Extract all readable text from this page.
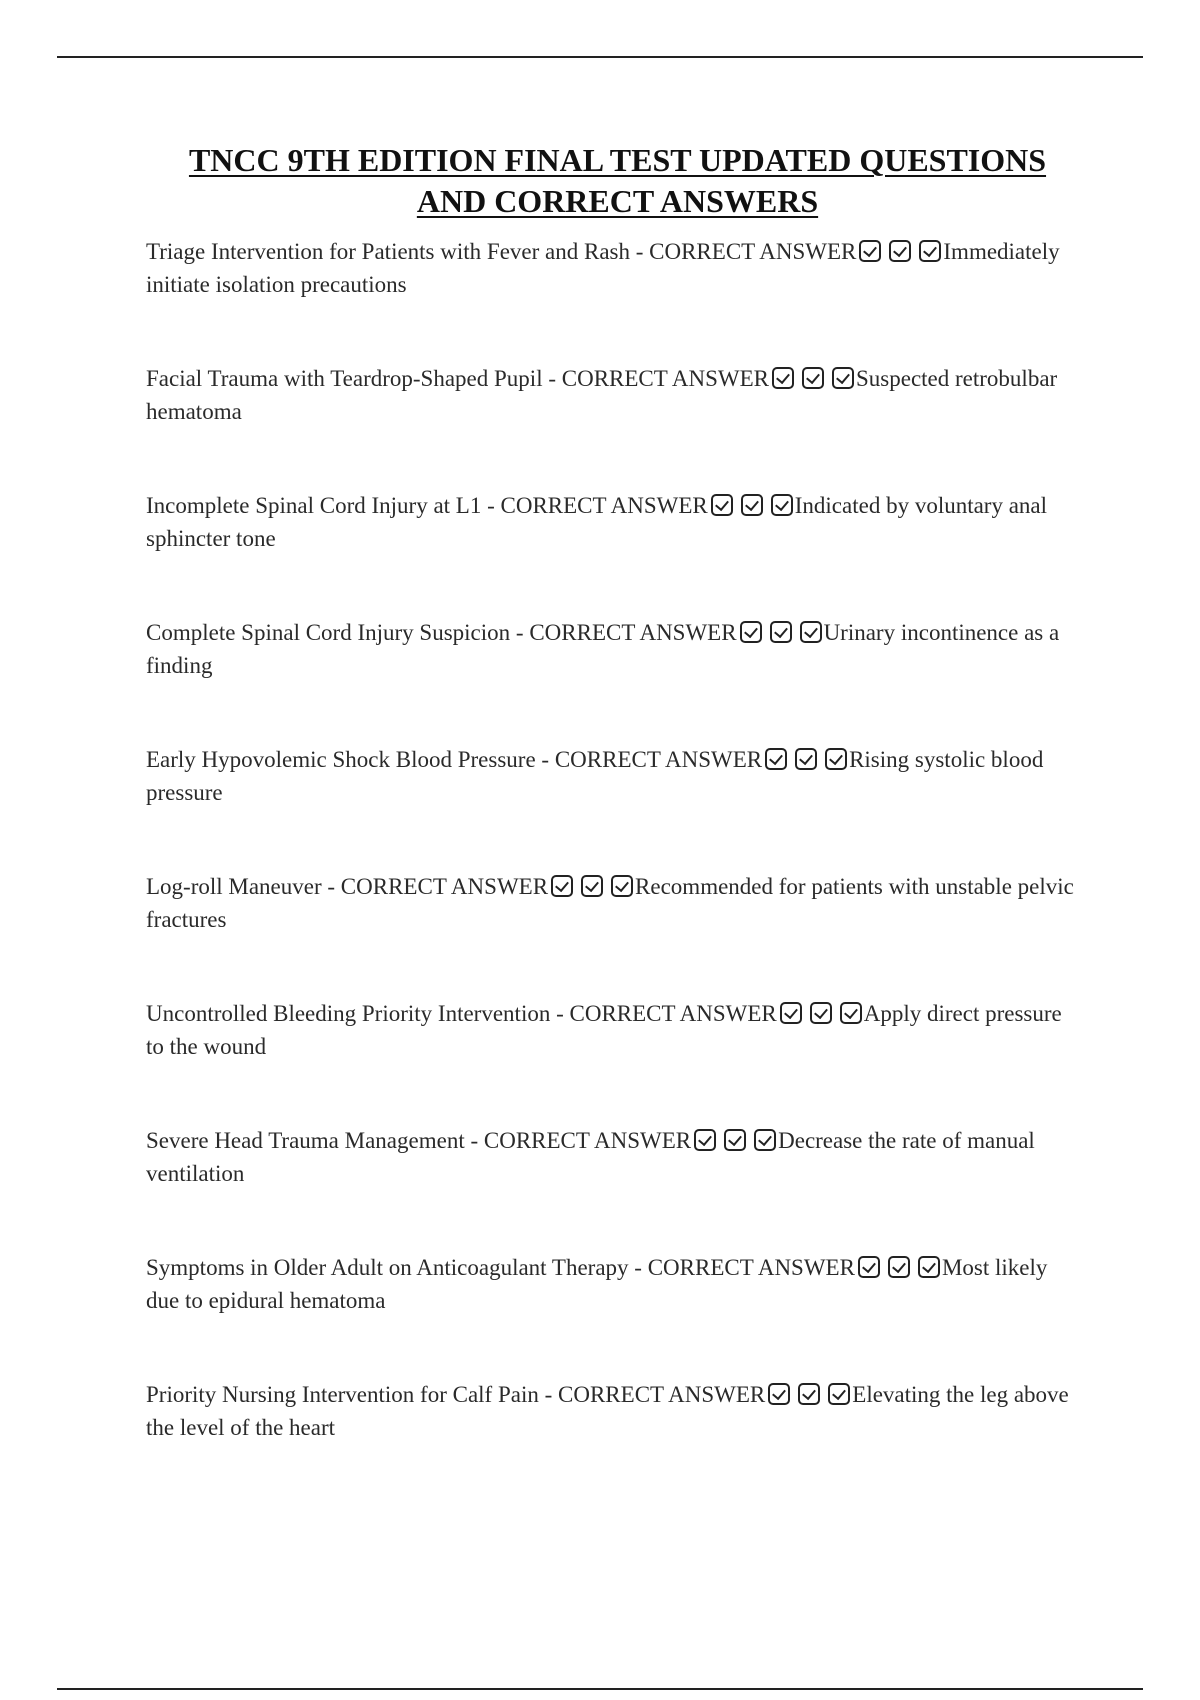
TNCC 9TH EDITION FINAL TEST UPDATED QUESTIONS
AND CORRECT ANSWERS

Triage Intervention for Patients with Fever and Rash - CORRECT ANSWER	Immediately initiate isolation precautions

Facial Trauma with Teardrop-Shaped Pupil - CORRECT ANSWER	Suspected retrobulbar hematoma

Incomplete Spinal Cord Injury at L1 - CORRECT ANSWER	Indicated by voluntary anal sphincter tone

Complete Spinal Cord Injury Suspicion - CORRECT ANSWER	Urinary incontinence as a finding

Early Hypovolemic Shock Blood Pressure - CORRECT ANSWER	Rising systolic blood pressure

Log-roll Maneuver - CORRECT ANSWER	Recommended for patients with unstable pelvic fractures

Uncontrolled Bleeding Priority Intervention - CORRECT ANSWER	Apply direct pressure to the wound

Severe Head Trauma Management - CORRECT ANSWER	Decrease the rate of manual ventilation

Symptoms in Older Adult on Anticoagulant Therapy - CORRECT ANSWER	Most likely due to epidural hematoma

Priority Nursing Intervention for Calf Pain - CORRECT ANSWER	Elevating the leg above the level of the heart
